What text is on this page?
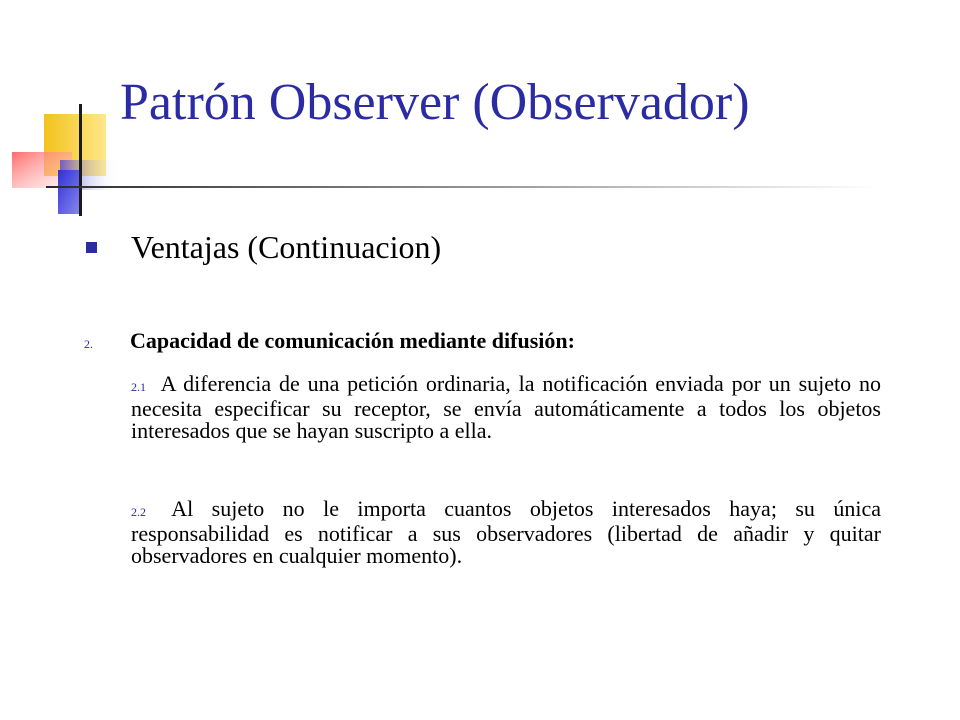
Patrón Observer (Observador)
Ventajas (Continuacion)
2.	Capacidad de comunicación mediante difusión:
2.1 A diferencia de una petición ordinaria, la notificación enviada por un sujeto no necesita especificar su receptor, se envía automáticamente a todos los objetos interesados que se hayan suscripto a ella.
2.2 Al sujeto no le importa cuantos objetos interesados haya; su única responsabilidad es notificar a sus observadores (libertad de añadir y quitar observadores en cualquier momento).
